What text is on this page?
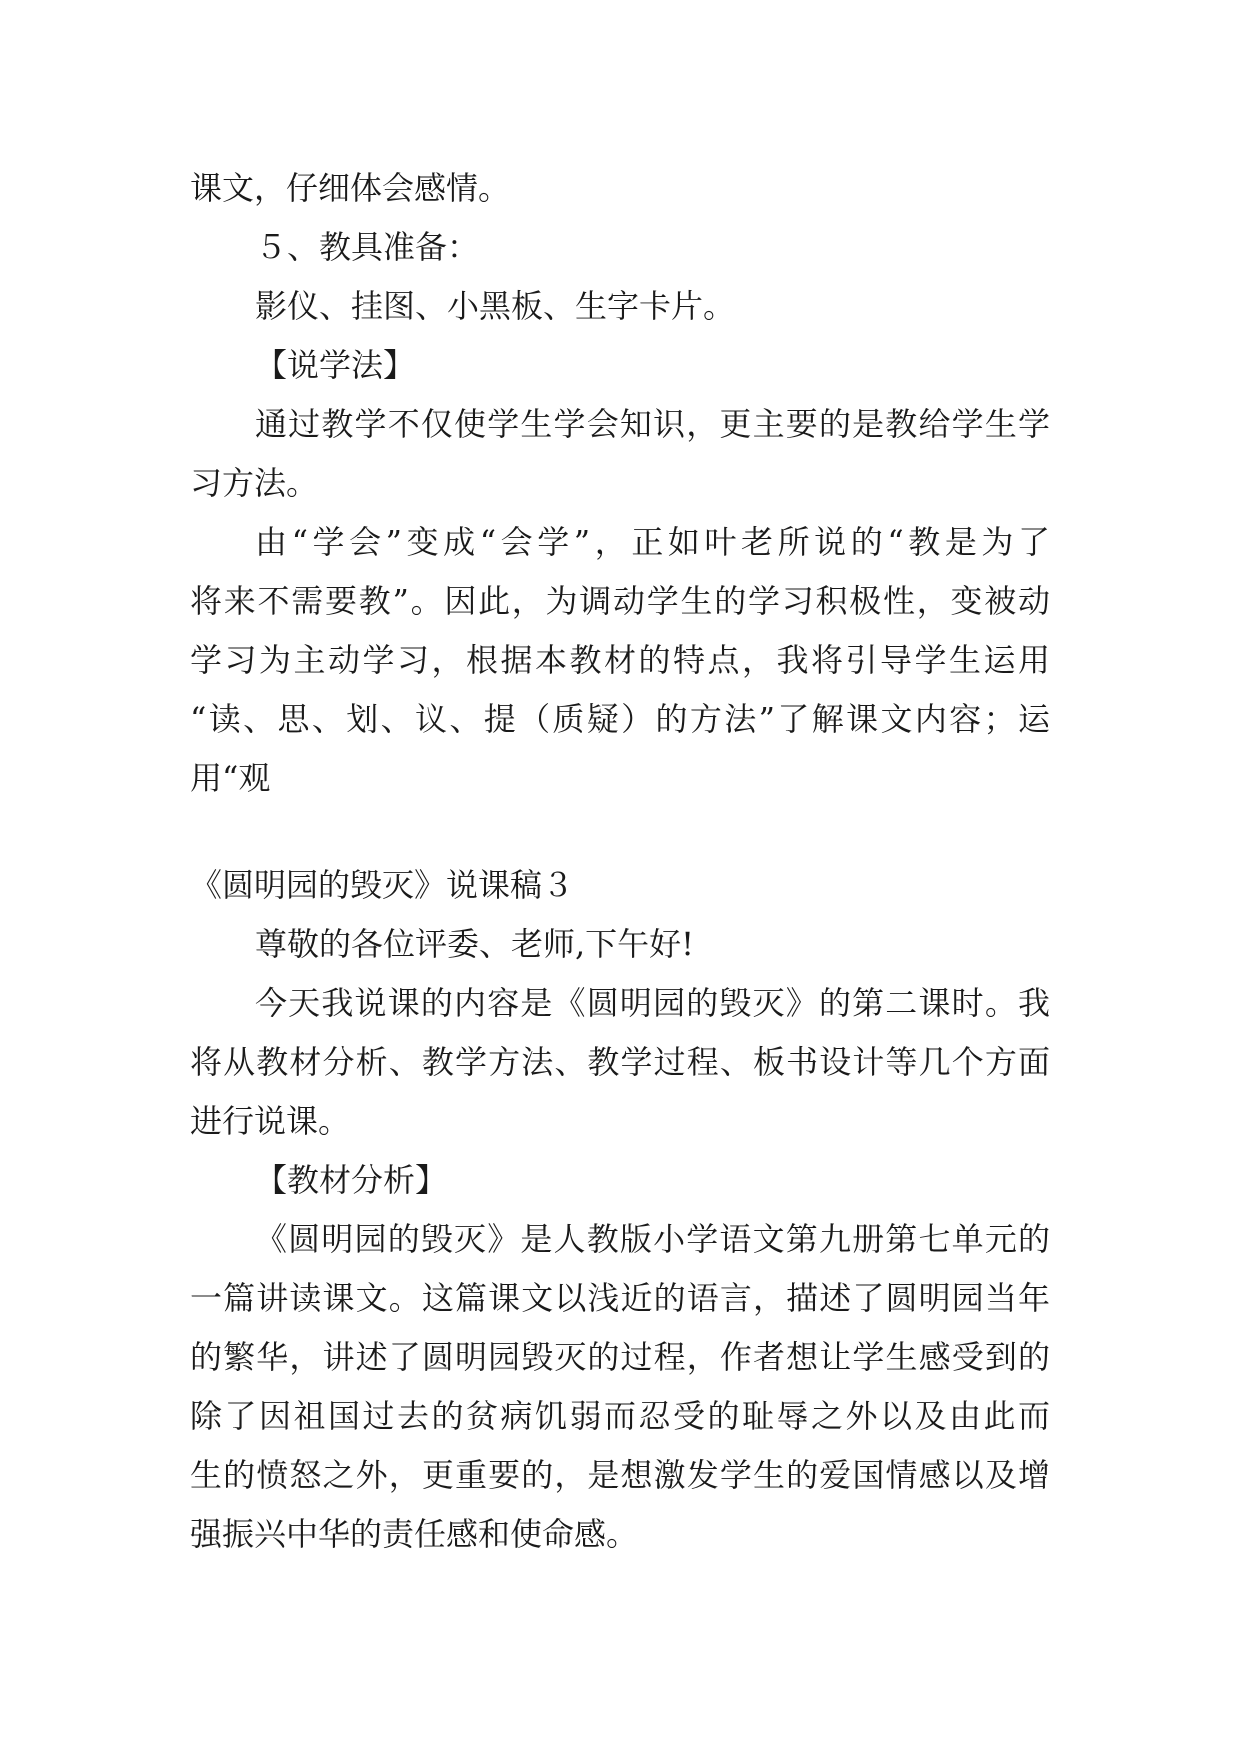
课文，仔细体会感情。
５、教具准备：
影仪、挂图、小黑板、生字卡片。
【说学法】
通过教学不仅使学生学会知识，更主要的是教给学生学
习方法。
由“学会”变成“会学”，正如叶老所说的“教是为了
将来不需要教”。因此，为调动学生的学习积极性，变被动
学习为主动学习，根据本教材的特点，我将引导学生运用
“读、思、划、议、提（质疑）的方法”了解课文内容；运
用“观
《圆明园的毁灭》说课稿３
尊敬的各位评委、老师,下午好!
今天我说课的内容是《圆明园的毁灭》的第二课时。我
将从教材分析、教学方法、教学过程、板书设计等几个方面
进行说课。
【教材分析】
《圆明园的毁灭》是人教版小学语文第九册第七单元的
一篇讲读课文。这篇课文以浅近的语言，描述了圆明园当年
的繁华，讲述了圆明园毁灭的过程，作者想让学生感受到的
除了因祖国过去的贫病饥弱而忍受的耻辱之外以及由此而
生的愤怒之外，更重要的，是想激发学生的爱国情感以及增
强振兴中华的责任感和使命感。
